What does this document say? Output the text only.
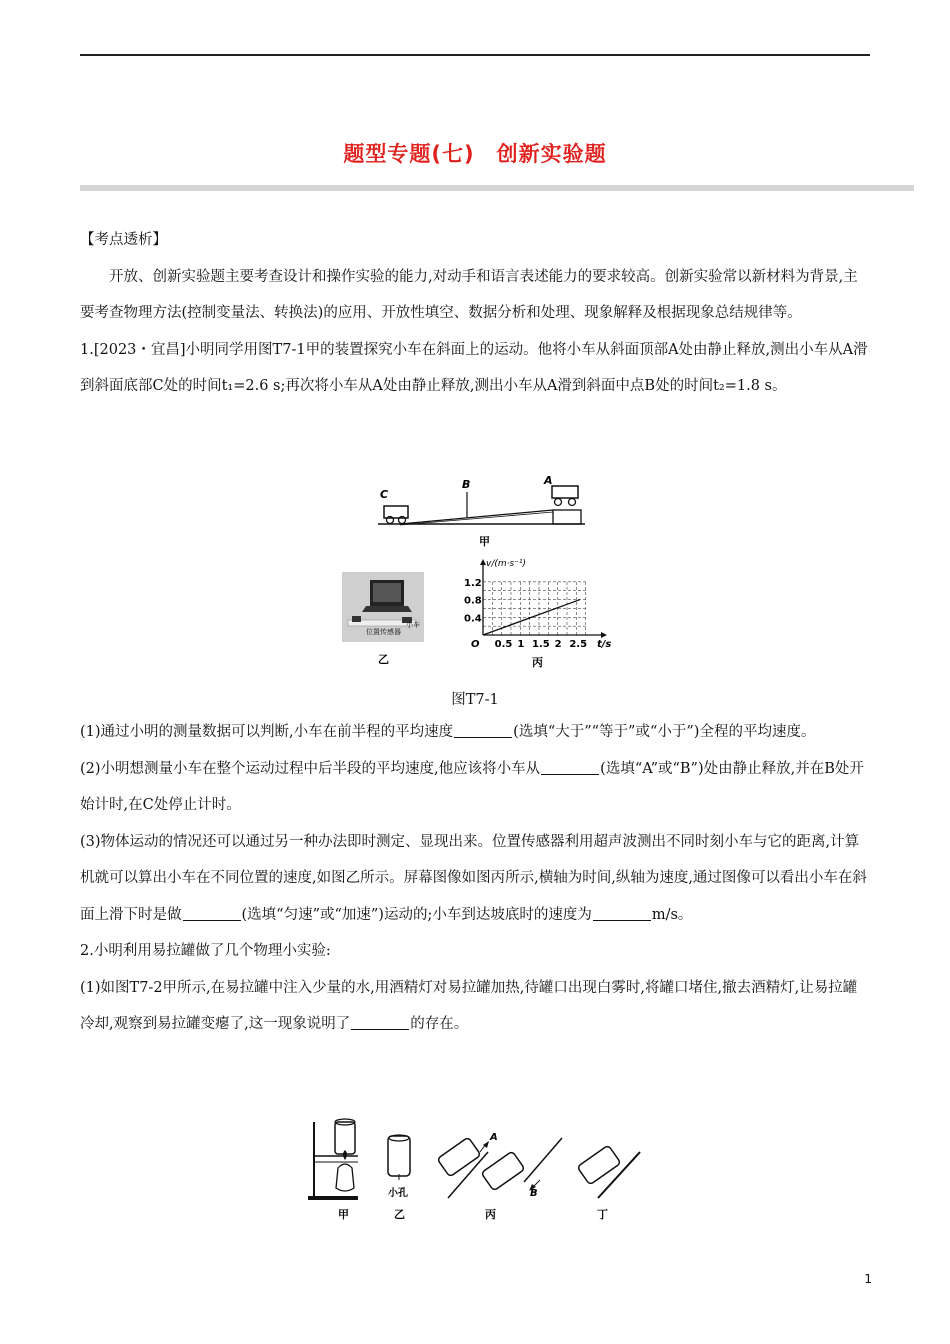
题型专题(七) 创新实验题

【考点透析】

开放、创新实验题主要考查设计和操作实验的能力,对动手和语言表述能力的要求较高。创新实验常以新材料为背景,主要考查物理方法(控制变量法、转换法)的应用、开放性填空、数据分析和处理、现象解释及根据现象总结规律等。

1.[2023・宜昌]小明同学用图T7-1甲的装置探究小车在斜面上的运动。他将小车从斜面顶部A处由静止释放,测出小车从A滑到斜面底部C处的时间t₁=2.6 s;再次将小车从A处由静止释放,测出小车从A滑到斜面中点B处的时间t₂=1.8 s。

C
B	A
甲
位置传感器
小车
乙
0.5 1 1.5 2 2.5
0.4
0.8
1.2
v/(m·s⁻¹)
t/s
O
丙
图T7-1

(1)通过小明的测量数据可以判断,小车在前半程的平均速度	(选填“大于”“等于”或“小于”)全程的平均速度。

(2)小明想测量小车在整个运动过程中后半段的平均速度,他应该将小车从	(选填“A”或“B”)处由静止释放,并在B处开始计时,在C处停止计时。

(3)物体运动的情况还可以通过另一种办法即时测定、显现出来。位置传感器利用超声波测出不同时刻小车与它的距离,计算机就可以算出小车在不同位置的速度,如图乙所示。屏幕图像如图丙所示,横轴为时间,纵轴为速度,通过图像可以看出小车在斜面上滑下时是做	(选填“匀速”或“加速”)运动的;小车到达坡底时的速度为	m/s。

2.小明利用易拉罐做了几个物理小实验:

(1)如图T7-2甲所示,在易拉罐中注入少量的水,用酒精灯对易拉罐加热,待罐口出现白雾时,将罐口堵住,撤去酒精灯,让易拉罐冷却,观察到易拉罐变瘪了,这一现象说明了	的存在。

甲
小孔
乙
A
B
丙	丁
1
